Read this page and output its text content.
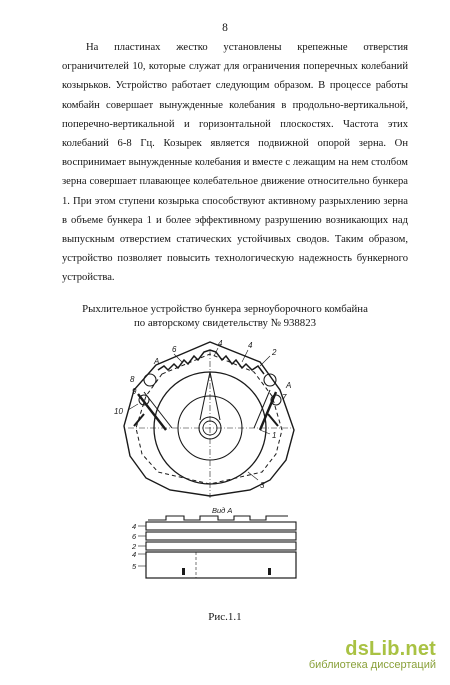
8

На пластинах жестко установлены крепежные отверстия ограничителей 10, которые служат для ограничения поперечных колебаний козырьков. Устройство работает следующим образом. В процессе работы комбайн совершает вынужденные колебания в продольно-вертикальной, поперечно-вертикальной и горизонтальной плоскостях. Частота этих колебаний 6-8 Гц. Козырек является подвижной опорой зерна. Он воспринимает вынужденные колебания и вместе с лежащим на нем столбом зерна совершает плавающее колебательное движение относительно бункера 1. При этом ступени козырька способствуют активному разрыхлению зерна в объеме бункера 1 и более эффективному разрушению возникающих над выпускным отверстием статических устойчивых сводов. Таким образом, устройство позволяет повысить технологическую надежность бункерного устройства.

Рыхлительное устройство бункера зерноуборочного комбайна
по авторскому свидетельству № 938823
А
6
4	4
2
8
9
10
7
А
1
3
Вид А
4
6
2
4
5
Рис.1.1
dsLib.net
библиотека диссертаций
